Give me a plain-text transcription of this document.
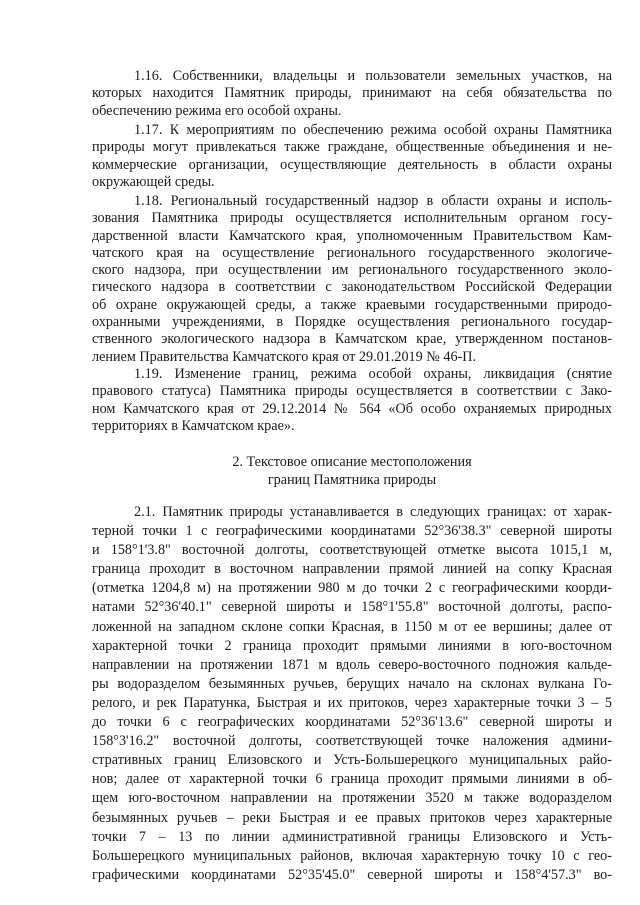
1.16. Собственники, владельцы и пользователи земельных участков, на
которых находится Памятник природы, принимают на себя обязательства по
обеспечению режима его особой охраны.
1.17. К мероприятиям по обеспечению режима особой охраны Памятника
природы могут привлекаться также граждане, общественные объединения и не-
коммерческие организации, осуществляющие деятельность в области охраны
окружающей среды.
1.18. Региональный государственный надзор в области охраны и исполь-
зования Памятника природы осуществляется исполнительным органом госу-
дарственной власти Камчатского края, уполномоченным Правительством Кам-
чатского края на осуществление регионального государственного экологиче-
ского надзора, при осуществлении им регионального государственного эколо-
гического надзора в соответствии с законодательством Российской Федерации
об охране окружающей среды, а также краевыми государственными природо-
охранными учреждениями, в Порядке осуществления регионального государ-
ственного экологического надзора в Камчатском крае, утвержденном постанов-
лением Правительства Камчатского края от 29.01.2019 № 46-П.
1.19. Изменение границ, режима особой охраны, ликвидация (снятие
правового статуса) Памятника природы осуществляется в соответствии с Зако-
ном Камчатского края от 29.12.2014 № 564 «Об особо охраняемых природных
территориях в Камчатском крае».
2. Текстовое описание местоположения
границ Памятника природы
2.1. Памятник природы устанавливается в следующих границах: от харак-
терной точки 1 с географическими координатами 52°36'38.3" северной широты
и 158°1'3.8" восточной долготы, соответствующей отметке высота 1015,1 м,
граница проходит в восточном направлении прямой линией на сопку Красная
(отметка 1204,8 м) на протяжении 980 м до точки 2 с географическими коорди-
натами 52°36'40.1" северной широты и 158°1'55.8" восточной долготы, распо-
ложенной на западном склоне сопки Красная, в 1150 м от ее вершины; далее от
характерной точки 2 граница проходит прямыми линиями в юго-восточном
направлении на протяжении 1871 м вдоль северо-восточного подножия кальде-
ры водоразделом безымянных ручьев, берущих начало на склонах вулкана Го-
релого, и рек Паратунка, Быстрая и их притоков, через характерные точки 3 – 5
до точки 6 с географических координатами 52°36'13.6" северной широты и
158°3'16.2" восточной долготы, соответствующей точке наложения админи-
стративных границ Елизовского и Усть-Большерецкого муниципальных райо-
нов; далее от характерной точки 6 граница проходит прямыми линиями в об-
щем юго-восточном направлении на протяжении 3520 м также водоразделом
безымянных ручьев – реки Быстрая и ее правых притоков через характерные
точки 7 – 13 по линии административной границы Елизовского и Усть-
Большерецкого муниципальных районов, включая характерную точку 10 с гео-
графическими координатами 52°35'45.0" северной широты и 158°4'57.3" во-
